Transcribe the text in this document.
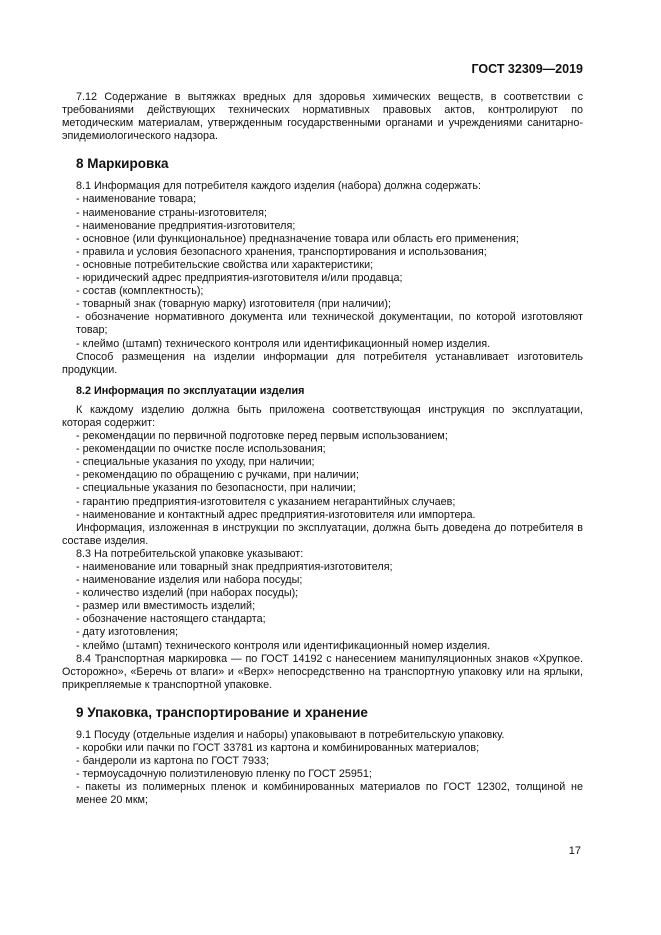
ГОСТ 32309—2019

7.12 Содержание в вытяжках вредных для здоровья химических веществ, в соответствии с требованиями действующих технических нормативных правовых актов, контролируют по методическим материалам, утвержденным государственными органами и учреждениями санитарно-эпидемиологического надзора.

8 Маркировка

8.1 Информация для потребителя каждого изделия (набора) должна содержать:

- наименование товара;

- наименование страны-изготовителя;

- наименование предприятия-изготовителя;

- основное (или функциональное) предназначение товара или область его применения;

- правила и условия безопасного хранения, транспортирования и использования;

- основные потребительские свойства или характеристики;

- юридический адрес предприятия-изготовителя и/или продавца;

- состав (комплектность);

- товарный знак (товарную марку) изготовителя (при наличии);

- обозначение нормативного документа или технической документации, по которой изготовляют товар;

- клеймо (штамп) технического контроля или идентификационный номер изделия.

Способ размещения на изделии информации для потребителя устанавливает изготовитель продукции.

8.2 Информация по эксплуатации изделия

К каждому изделию должна быть приложена соответствующая инструкция по эксплуатации, которая содержит:

- рекомендации по первичной подготовке перед первым использованием;

- рекомендации по очистке после использования;

- специальные указания по уходу, при наличии;

- рекомендацию по обращению с ручками, при наличии;

- специальные указания по безопасности, при наличии;

- гарантию предприятия-изготовителя с указанием негарантийных случаев;

- наименование и контактный адрес предприятия-изготовителя или импортера.

Информация, изложенная в инструкции по эксплуатации, должна быть доведена до потребителя в составе изделия.

8.3 На потребительской упаковке указывают:

- наименование или товарный знак предприятия-изготовителя;

- наименование изделия или набора посуды;

- количество изделий (при наборах посуды);

- размер или вместимость изделий;

- обозначение настоящего стандарта;

- дату изготовления;

- клеймо (штамп) технического контроля или идентификационный номер изделия.

8.4 Транспортная маркировка — по ГОСТ 14192 с нанесением манипуляционных знаков «Хрупкое. Осторожно», «Беречь от влаги» и «Верх» непосредственно на транспортную упаковку или на ярлыки, прикрепляемые к транспортной упаковке.

9 Упаковка, транспортирование и хранение

9.1 Посуду (отдельные изделия и наборы) упаковывают в потребительскую упаковку.

- коробки или пачки по ГОСТ 33781 из картона и комбинированных материалов;

- бандероли из картона по ГОСТ 7933;

- термоусадочную полиэтиленовую пленку по ГОСТ 25951;

- пакеты из полимерных пленок и комбинированных материалов по ГОСТ 12302, толщиной не менее 20 мкм;

17
